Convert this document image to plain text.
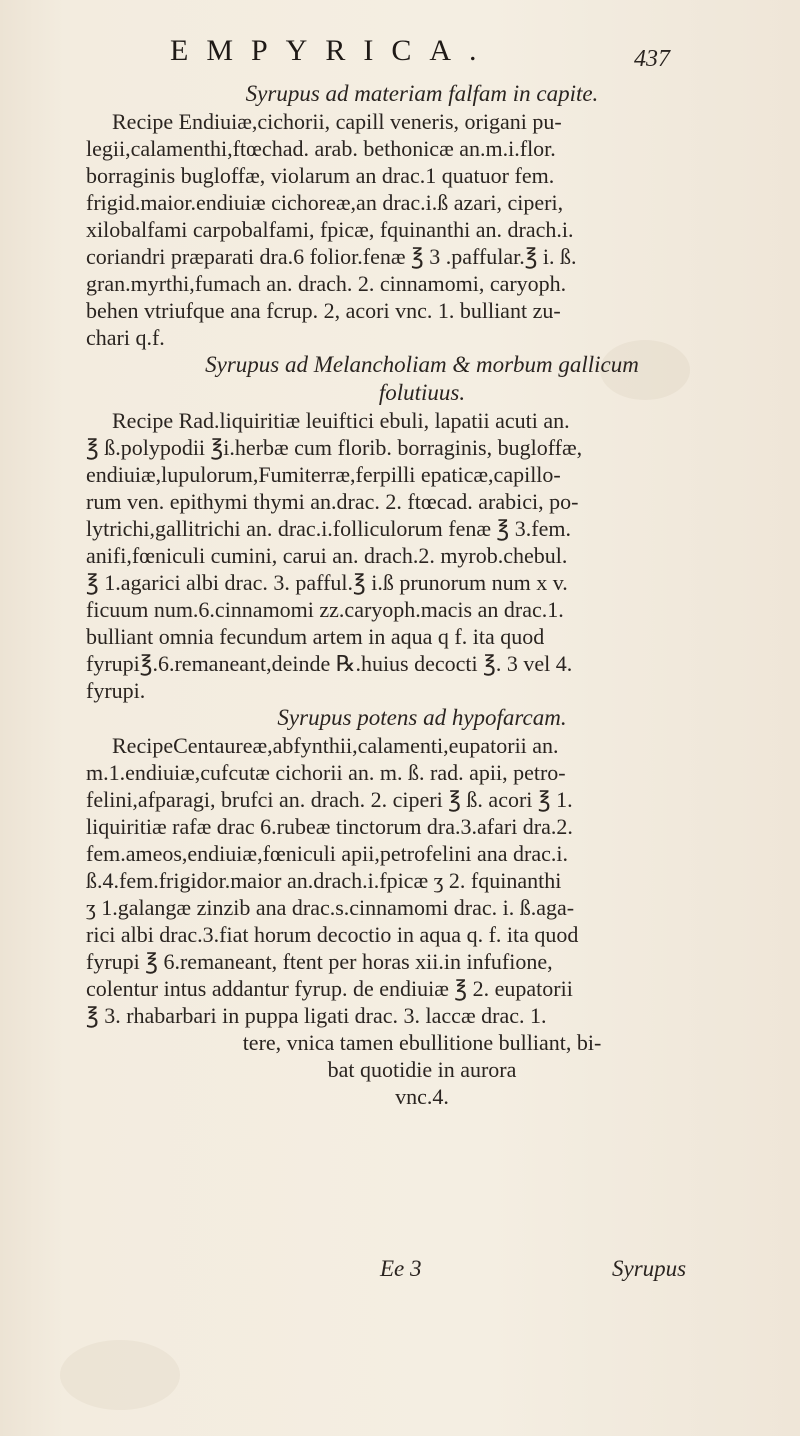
EMPYRICA.	437
Syrupus ad materiam falfam in capite.
Recipe Endiuiæ,cichorii, capill veneris, origani pu-
legii,calamenthi,ftœchad. arab. bethonicæ an.m.i.flor.
borraginis bugloffæ, violarum an drac.1 quatuor fem.
frigid.maior.endiuiæ cichoreæ,an drac.i.ß azari, ciperi,
xilobalfami carpobalfami, fpicæ, fquinanthi an. drach.i.
coriandri præparati dra.6 folior.fenæ ℥ 3 .paffular.℥ i. ß.
gran.myrthi,fumach an. drach. 2. cinnamomi, caryoph.
behen vtriufque ana fcrup. 2, acori vnc. 1. bulliant zu-
chari q.f.
Syrupus ad Melancholiam & morbum gallicum
folutiuus.
Recipe Rad.liquiritiæ leuiftici ebuli, lapatii acuti an.
℥ ß.polypodii ℥i.herbæ cum florib. borraginis, bugloffæ,
endiuiæ,lupulorum,Fumiterræ,ferpilli epaticæ,capillo-
rum ven. epithymi thymi an.drac. 2. ftœcad. arabici, po-
lytrichi,gallitrichi an. drac.i.folliculorum fenæ ℥ 3.fem.
anifi,fœniculi cumini, carui an. drach.2. myrob.chebul.
℥ 1.agarici albi drac. 3. pafful.℥ i.ß prunorum num x v.
ficuum num.6.cinnamomi zz.caryoph.macis an drac.1.
bulliant omnia fecundum artem in aqua q f. ita quod
fyrupi℥.6.remaneant,deinde ℞.huius decocti ℥. 3 vel 4.
fyrupi.
Syrupus potens ad hypofarcam.
RecipeCentaureæ,abfynthii,calamenti,eupatorii an.
m.1.endiuiæ,cufcutæ cichorii an. m. ß. rad. apii, petro-
felini,afparagi, brufci an. drach. 2. ciperi ℥ ß. acori ℥ 1.
liquiritiæ rafæ drac 6.rubeæ tinctorum dra.3.afari dra.2.
fem.ameos,endiuiæ,fœniculi apii,petrofelini ana drac.i.
ß.4.fem.frigidor.maior an.drach.i.fpicæ ʒ 2. fquinanthi
ʒ 1.galangæ zinzib ana drac.s.cinnamomi drac. i. ß.aga-
rici albi drac.3.fiat horum decoctio in aqua q. f. ita quod
fyrupi ℥ 6.remaneant, ftent per horas xii.in infufione,
colentur intus addantur fyrup. de endiuiæ ℥ 2. eupatorii
℥ 3. rhabarbari in puppa ligati drac. 3. laccæ drac. 1.
tere, vnica tamen ebullitione bulliant, bi-
bat quotidie in aurora
vnc.4.
Ee 3	Syrupus
